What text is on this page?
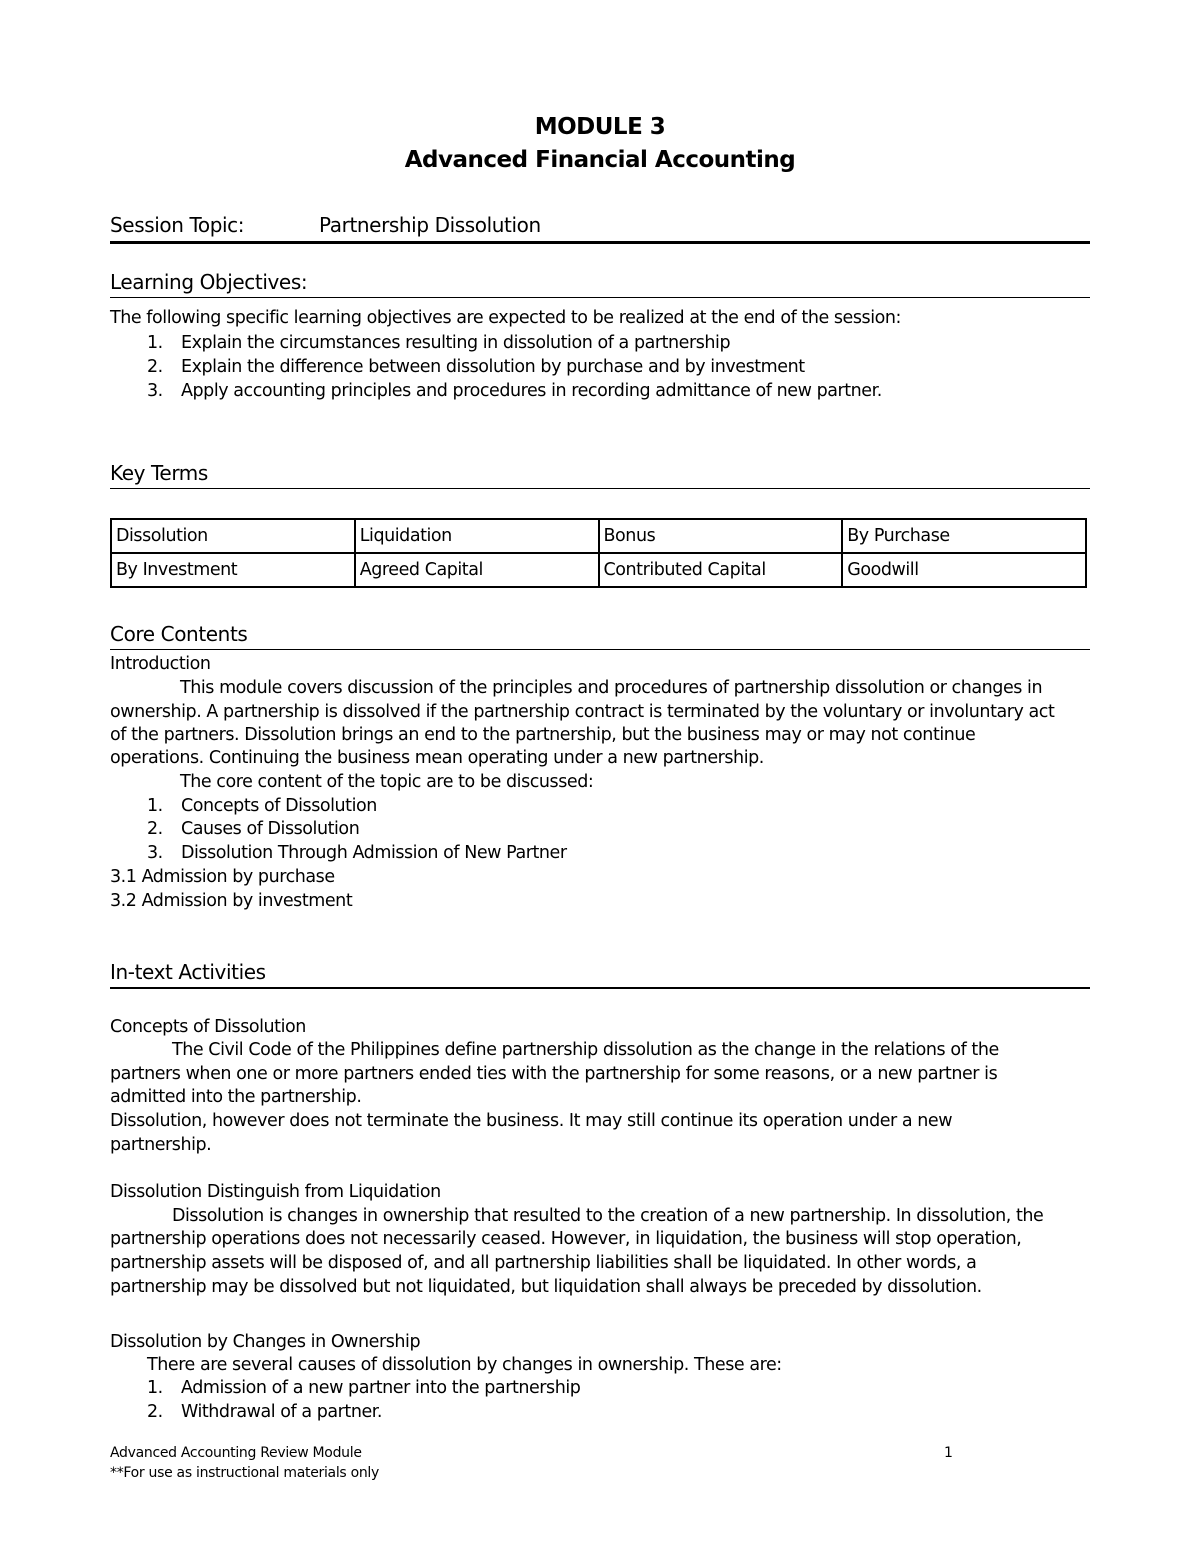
MODULE 3
Advanced Financial Accounting
Session Topic:	Partnership Dissolution
Learning Objectives:
The following specific learning objectives are expected to be realized at the end of the session:
1. Explain the circumstances resulting in dissolution of a partnership
2. Explain the difference between dissolution by purchase and by investment
3. Apply accounting principles and procedures in recording admittance of new partner.
Key Terms
Dissolution	Liquidation	Bonus	By Purchase
By Investment	Agreed Capital	Contributed Capital	Goodwill
Core Contents
Introduction
This module covers discussion of the principles and procedures of partnership dissolution or changes in
ownership. A partnership is dissolved if the partnership contract is terminated by the voluntary or involuntary act
of the partners. Dissolution brings an end to the partnership, but the business may or may not continue
operations. Continuing the business mean operating under a new partnership.
The core content of the topic are to be discussed:
1. Concepts of Dissolution
2. Causes of Dissolution
3. Dissolution Through Admission of New Partner
3.1 Admission by purchase
3.2 Admission by investment
In-text Activities
Concepts of Dissolution
The Civil Code of the Philippines define partnership dissolution as the change in the relations of the
partners when one or more partners ended ties with the partnership for some reasons, or a new partner is
admitted into the partnership.
Dissolution, however does not terminate the business. It may still continue its operation under a new
partnership.
Dissolution Distinguish from Liquidation
Dissolution is changes in ownership that resulted to the creation of a new partnership. In dissolution, the
partnership operations does not necessarily ceased. However, in liquidation, the business will stop operation,
partnership assets will be disposed of, and all partnership liabilities shall be liquidated. In other words, a
partnership may be dissolved but not liquidated, but liquidation shall always be preceded by dissolution.
Dissolution by Changes in Ownership
There are several causes of dissolution by changes in ownership. These are:
1. Admission of a new partner into the partnership
2. Withdrawal of a partner.
Advanced Accounting Review Module	1
**For use as instructional materials only
